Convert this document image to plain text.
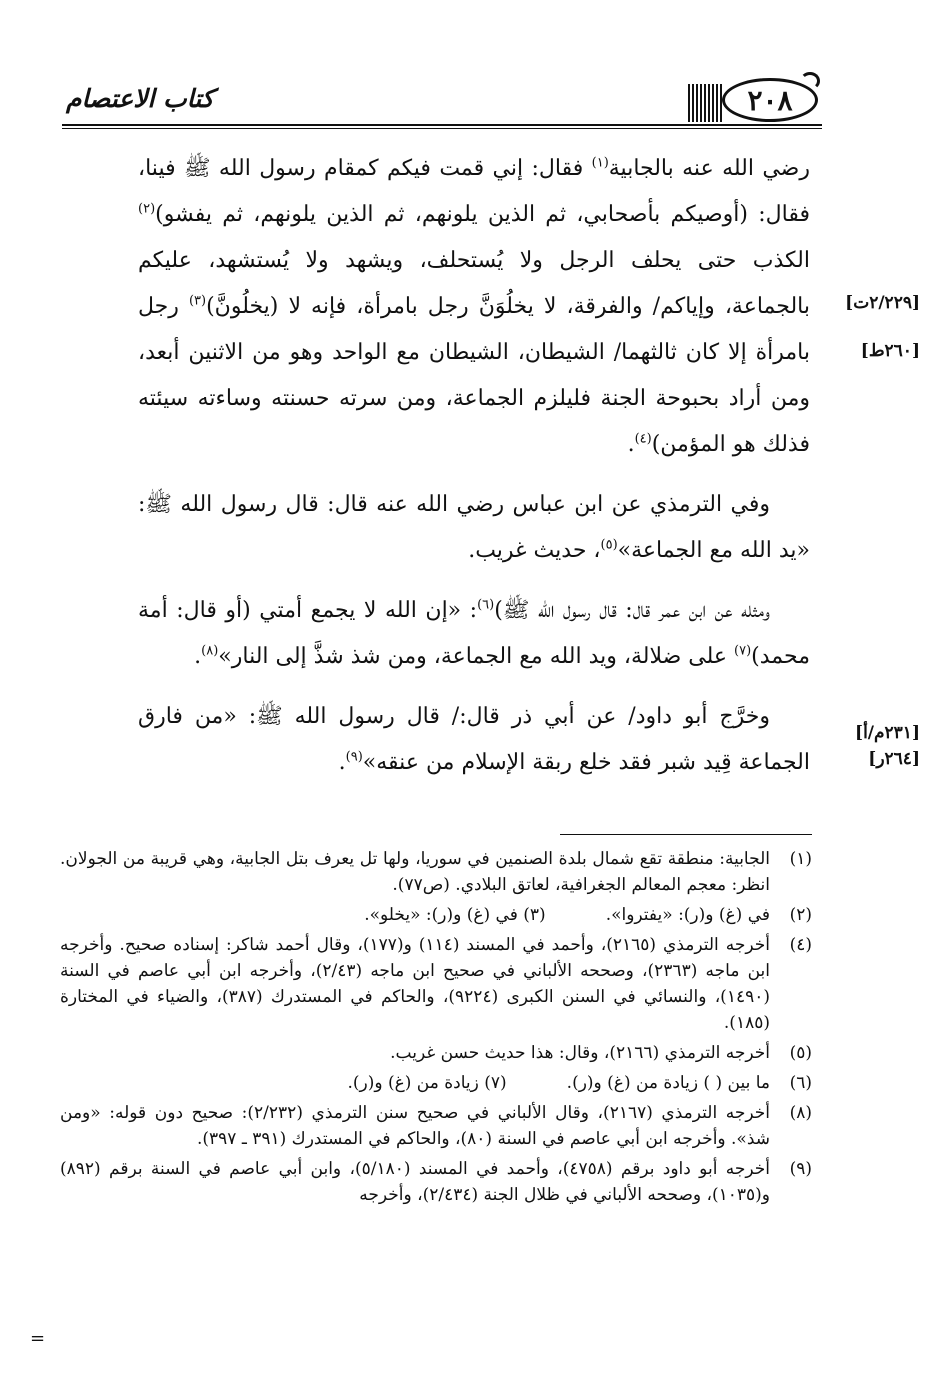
كتاب الاعتصام	٢٠٨
[٢/٢٢٩ت]
[٢٦٠ط]
[٢٣١م/أ]
[٢٦٤ر]

رضي الله عنه بالجابية$^{(١)}$ فقال: إني قمت فيكم كمقام رسول الله ﷺ فينا، فقال: (أوصيكم بأصحابي، ثم الذين يلونهم، ثم الذين يلونهم، ثم يفشو)$^{(٢)}$ الكذب حتى يحلف الرجل ولا يُستحلف، ويشهد ولا يُستشهد، عليكم بالجماعة، وإياكم/ والفرقة، لا يخلُوَنَّ رجل بامرأة، فإنه لا (يخلُونَّ)$^{(٣)}$ رجل بامرأة إلا كان ثالثهما/ الشيطان، الشيطان مع الواحد وهو من الاثنين أبعد، ومن أراد بحبوحة الجنة فليلزم الجماعة، ومن سرته حسنته وساءته سيئته فذلك هو المؤمن)$^{(٤)}$.

وفي الترمذي عن ابن عباس رضي الله عنه قال: قال رسول الله ﷺ: «يد الله مع الجماعة»$^{(٥)}$، حديث غريب.

ومثله عن ابن عمر قال: قال رسول الله ﷺ)$^{(٦)}$: «إن الله لا يجمع أمتي (أو قال: أمة محمد)$^{(٧)}$ على ضلالة، ويد الله مع الجماعة، ومن شذ شذَّ إلى النار»$^{(٨)}$.

وخرَّج أبو داود/ عن أبي ذر قال:/ قال رسول الله ﷺ: «من فارق الجماعة قِيد شبر فقد خلع ربقة الإسلام من عنقه»$^{(٩)}$.

(١)
الجابية: منطقة تقع شمال بلدة الصنمين في سوريا، ولها تل يعرف بتل الجابية، وهي قريبة من الجولان. انظر: معجم المعالم الجغرافية، لعاتق البلادي. (ص٧٧).
(٢)
في (غ) و(ر): «يفتروا».
(٣) في (غ) و(ر): «يخلو».
(٤)
أخرجه الترمذي (٢١٦٥)، وأحمد في المسند (١١٤) و(١٧٧)، وقال أحمد شاكر: إسناده صحيح. وأخرجه ابن ماجه (٢٣٦٣)، وصححه الألباني في صحيح ابن ماجه (٢/٤٣)، وأخرجه ابن أبي عاصم في السنة (١٤٩٠)، والنسائي في السنن الكبرى (٩٢٢٤)، والحاكم في المستدرك (٣٨٧)، والضياء في المختارة (١٨٥).
(٥)
أخرجه الترمذي (٢١٦٦)، وقال: هذا حديث حسن غريب.
(٦)
ما بين ( ) زيادة من (غ) و(ر).
(٧) زيادة من (غ) و(ر).
(٨)
أخرجه الترمذي (٢١٦٧)، وقال الألباني في صحيح سنن الترمذي (٢/٢٣٢): صحيح دون قوله: «ومن شذ». وأخرجه ابن أبي عاصم في السنة (٨٠)، والحاكم في المستدرك (٣٩١ ـ ٣٩٧).
(٩)
أخرجه أبو داود برقم (٤٧٥٨)، وأحمد في المسند (٥/١٨٠)، وابن أبي عاصم في السنة برقم (٨٩٢) و(١٠٣٥)، وصححه الألباني في ظلال الجنة (٢/٤٣٤)، وأخرجه
=
